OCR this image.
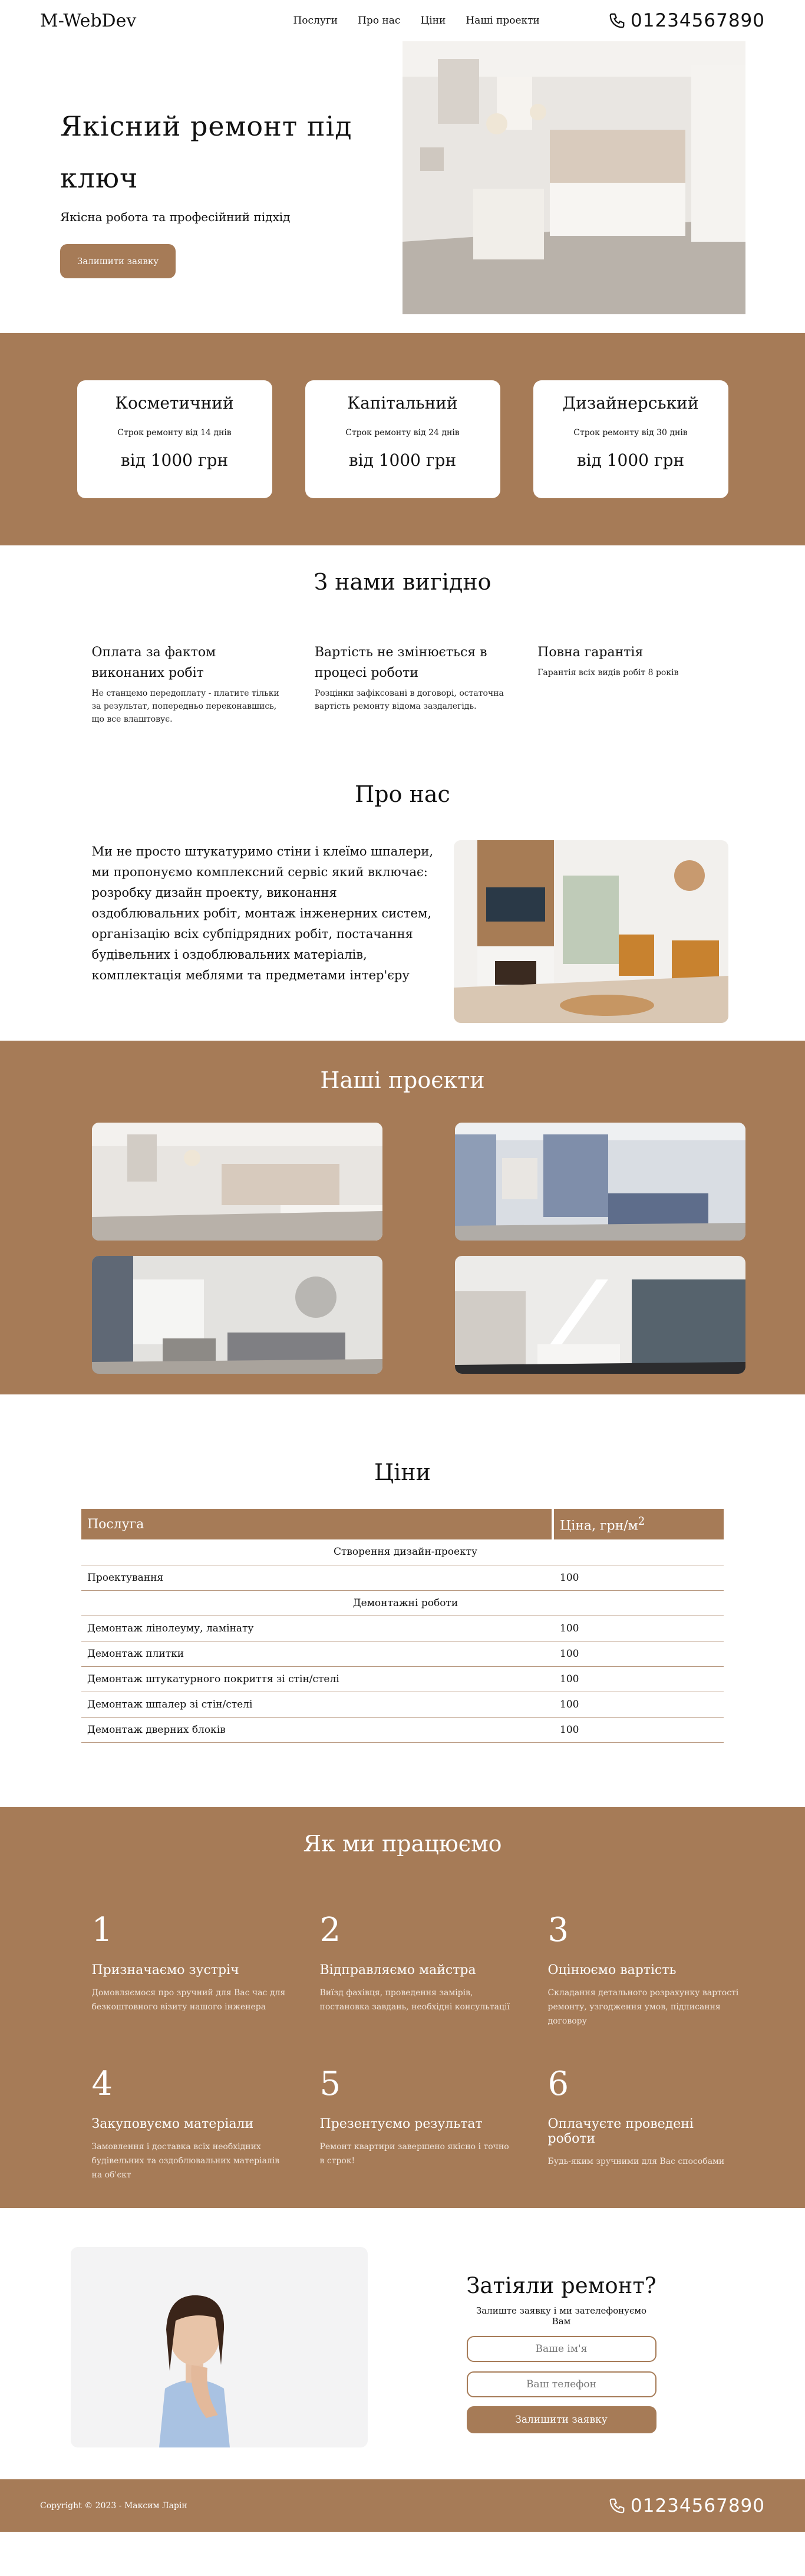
M-WebDev	Послуги Про нас Ціни Наші проекти	01234567890
Якісний ремонт під ключ

Якісна робота та професійний підхід

Залишити заявку
Косметичний
Строк ремонту від 14 днів
від 1000 грн
Капітальний
Строк ремонту від 24 днів
від 1000 грн
Дизайнерський
Строк ремонту від 30 днів
від 1000 грн
З нами вигідно
Оплата за фактом виконаних робіт
Не станцемо передоплату - платите тільки за результат, попередньо переконавшись, що все влаштовує.
Вартість не змінюється в процесі роботи
Розцінки зафіксовані в договорі, остаточна вартість ремонту відома заздалегідь.
Повна гарантія
Гарантія всіх видів робіт 8 років
Про нас

Ми не просто штукатуримо стіни і клеїмо шпалери, ми пропонуємо комплексний сервіс який включає: розробку дизайн проекту, виконання оздоблювальних робіт, монтаж інженерних систем, організацію всіх субпідрядних робіт, постачання будівельних і оздоблювальних матеріалів, комплектація меблями та предметами інтер'єру

Наші проєкти
Ціни
Послуга	Ціна, грн/$м^2$
Створення дизайн-проекту	
Проектування	100
Демонтажні роботи	
Демонтаж лінолеуму, ламінату	100
Демонтаж плитки	100
Демонтаж штукатурного покриття зі стін/стелі	100
Демонтаж шпалер зі стін/стелі	100
Демонтаж дверних блоків	100
Як ми працюємо
1
Призначаємо зустріч
Домовляємося про зручний для Вас час для безкоштовного візиту нашого інженера
2
Відправляємо майстра
Виїзд фахівця, проведення замірів, постановка завдань, необхідні консультації
3
Оцінюємо вартість
Складання детального розрахунку вартості ремонту, узгодження умов, підписання договору
4
Закуповуємо матеріали
Замовлення і доставка всіх необхідних будівельних та оздоблювальних матеріалів на об'єкт
5
Презентуємо результат
Ремонт квартири завершено якісно і точно в строк!
6
Оплачуєте проведені роботи
Будь-яким зручними для Вас способами
Затіяли ремонт?

Залиште заявку і ми зателефонуємо Вам

Ваше ім'я Ваш телефон Залишити заявку
Copyright © 2023 - Максим Ларін	01234567890
